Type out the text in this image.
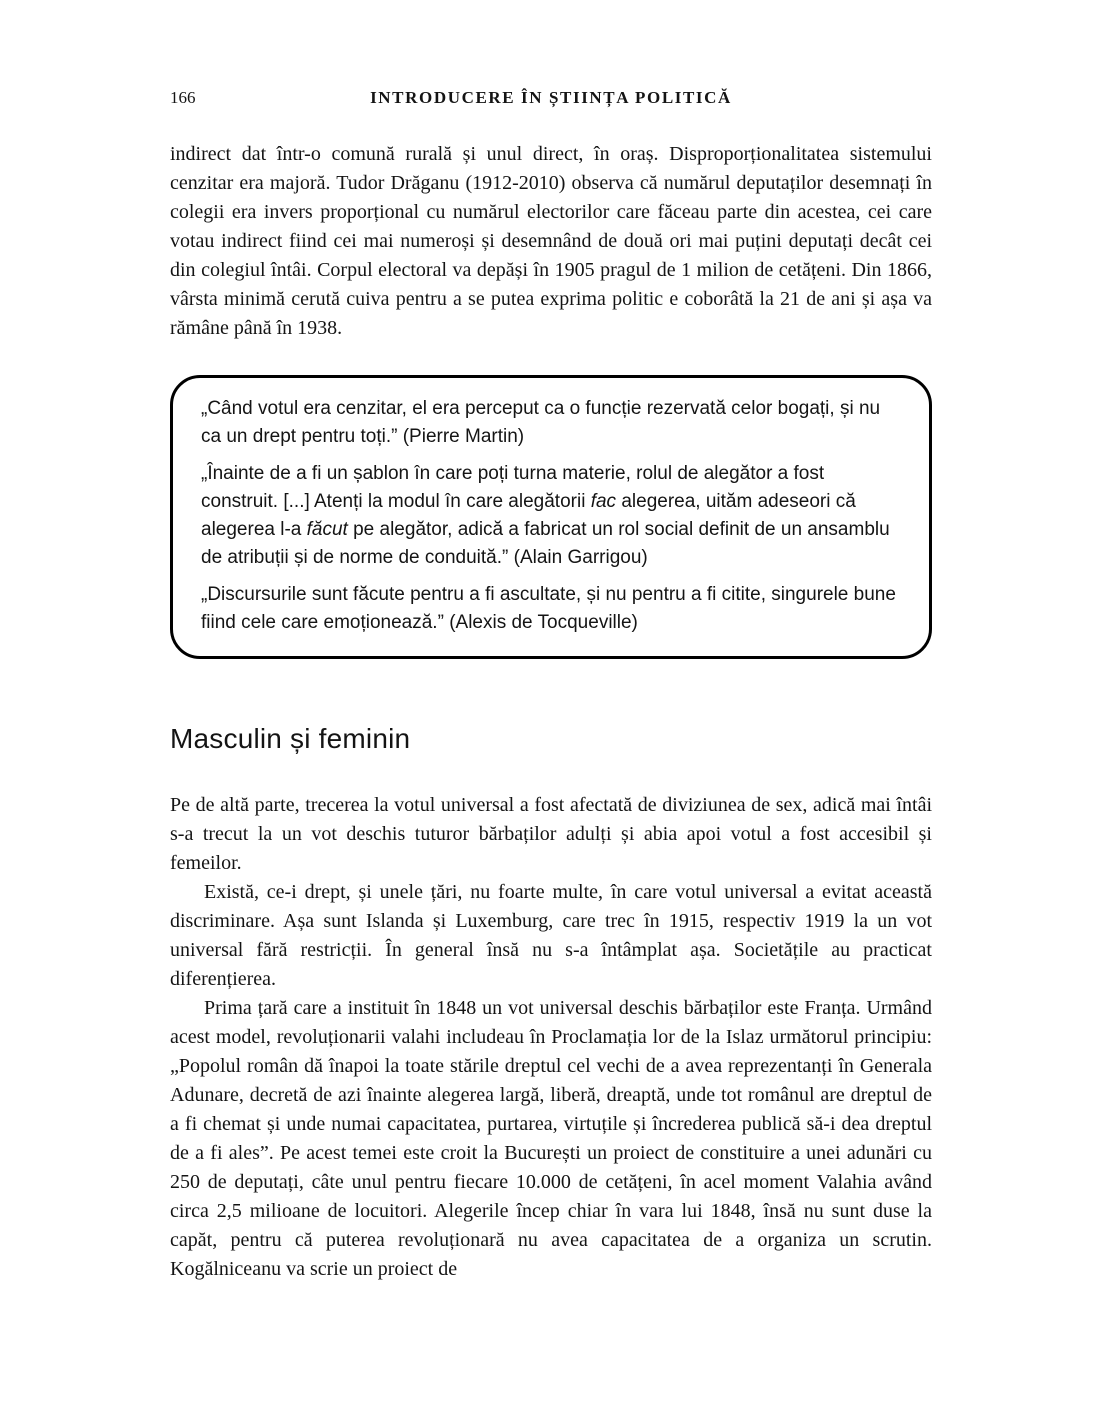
166	INTRODUCERE ÎN ȘTIINȚA POLITICĂ

indirect dat într-o comună rurală și unul direct, în oraș. Disproporționalitatea sistemului cenzitar era majoră. Tudor Drăganu (1912-2010) observa că numărul deputaților desemnați în colegii era invers proporțional cu numărul electorilor care făceau parte din acestea, cei care votau indirect fiind cei mai numeroși și desemnând de două ori mai puțini deputați decât cei din colegiul întâi. Corpul electoral va depăși în 1905 pragul de 1 milion de cetățeni. Din 1866, vârsta minimă cerută cuiva pentru a se putea exprima politic e coborâtă la 21 de ani și așa va rămâne până în 1938.

„Când votul era cenzitar, el era perceput ca o funcție rezervată celor bogați, și nu ca un drept pentru toți.” (Pierre Martin)

„Înainte de a fi un șablon în care poți turna materie, rolul de alegător a fost construit. [...] Atenți la modul în care alegătorii fac alegerea, uităm adeseori că alegerea l-a făcut pe alegător, adică a fabricat un rol social definit de un ansamblu de atribuții și de norme de conduită.” (Alain Garrigou)

„Discursurile sunt făcute pentru a fi ascultate, și nu pentru a fi citite, singurele bune fiind cele care emoționează.” (Alexis de Tocqueville)

Masculin și feminin

Pe de altă parte, trecerea la votul universal a fost afectată de diviziunea de sex, adică mai întâi s-a trecut la un vot deschis tuturor bărbaților adulți și abia apoi votul a fost accesibil și femeilor.

Există, ce-i drept, și unele țări, nu foarte multe, în care votul universal a evitat această discriminare. Așa sunt Islanda și Luxemburg, care trec în 1915, respectiv 1919 la un vot universal fără restricții. În general însă nu s-a întâmplat așa. Societățile au practicat diferențierea.

Prima țară care a instituit în 1848 un vot universal deschis bărbaților este Franța. Urmând acest model, revoluționarii valahi includeau în Proclamația lor de la Islaz următorul principiu: „Popolul român dă înapoi la toate stările dreptul cel vechi de a avea reprezentanți în Generala Adunare, decretă de azi înainte alegerea largă, liberă, dreaptă, unde tot românul are dreptul de a fi chemat și unde numai capacitatea, purtarea, virtuțile și încrederea publică să-i dea dreptul de a fi ales”. Pe acest temei este croit la București un proiect de constituire a unei adunări cu 250 de deputați, câte unul pentru fiecare 10.000 de cetățeni, în acel moment Valahia având circa 2,5 milioane de locuitori. Alegerile încep chiar în vara lui 1848, însă nu sunt duse la capăt, pentru că puterea revoluționară nu avea capacitatea de a organiza un scrutin. Kogălniceanu va scrie un proiect de
